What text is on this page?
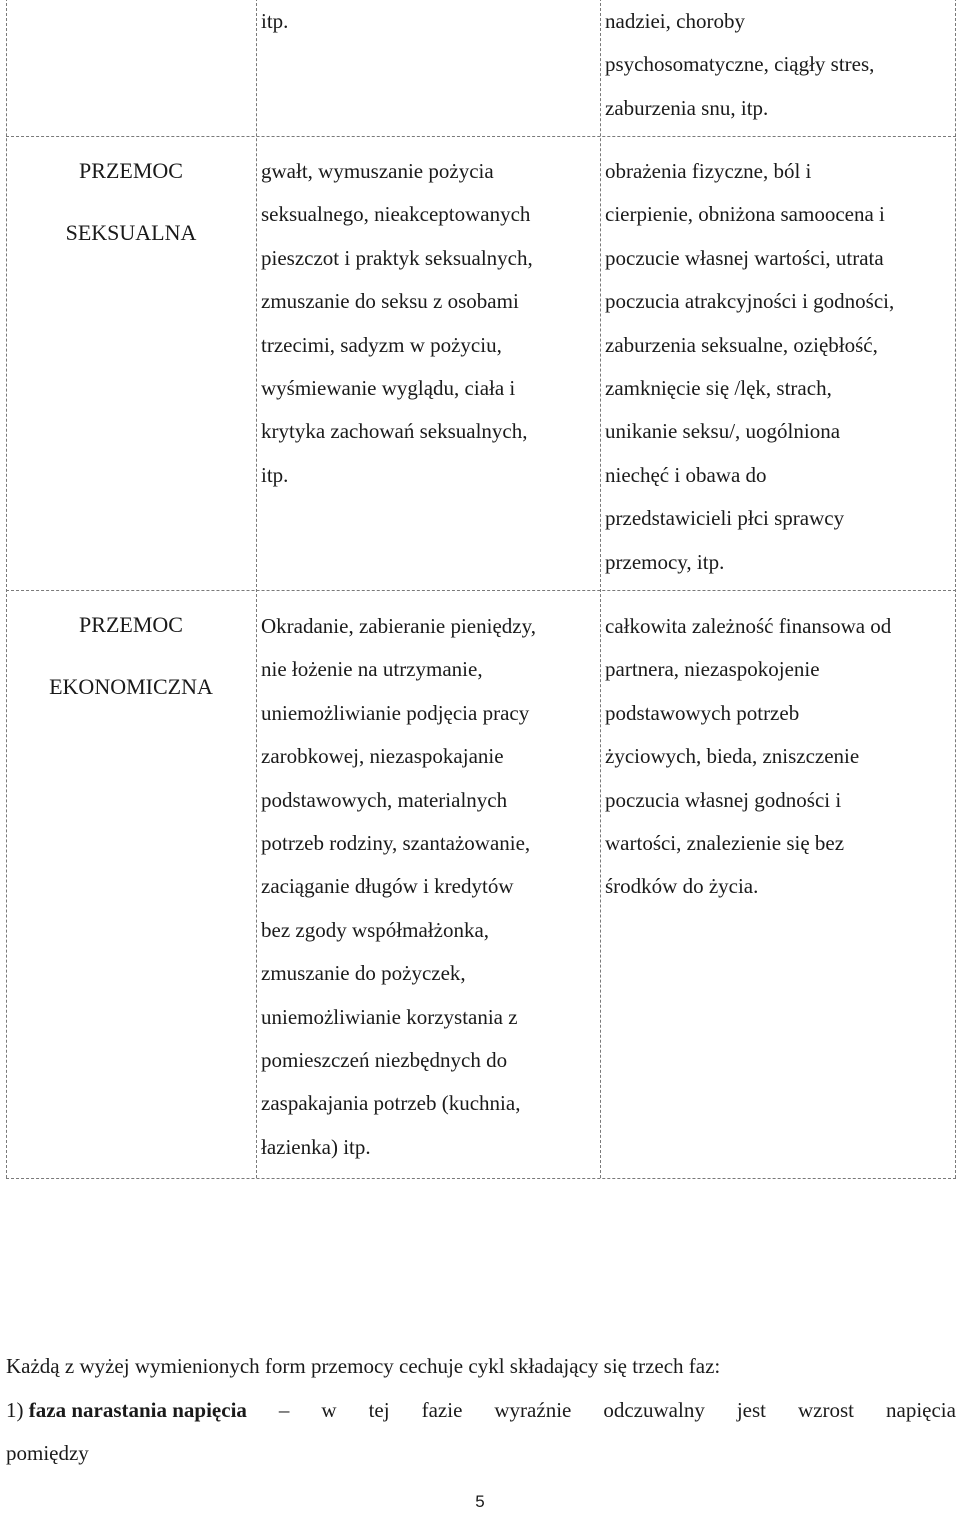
itp.	nadziei, choroby
psychosomatyczne, ciągły stres,
zaburzenia snu, itp.
PRZEMOC
SEKSUALNA
gwałt, wymuszanie pożycia
seksualnego, nieakceptowanych
pieszczot i praktyk seksualnych,
zmuszanie do seksu z osobami
trzecimi, sadyzm w pożyciu,
wyśmiewanie wyglądu, ciała i
krytyka zachowań seksualnych,
itp.
obrażenia fizyczne, ból i
cierpienie, obniżona samoocena i
poczucie własnej wartości, utrata
poczucia atrakcyjności i godności,
zaburzenia seksualne, oziębłość,
zamknięcie się /lęk, strach,
unikanie seksu/, uogólniona
niechęć i obawa do
przedstawicieli płci sprawcy
przemocy, itp.
PRZEMOC
EKONOMICZNA
Okradanie, zabieranie pieniędzy,
nie łożenie na utrzymanie,
uniemożliwianie podjęcia pracy
zarobkowej, niezaspokajanie
podstawowych, materialnych
potrzeb rodziny, szantażowanie,
zaciąganie długów i kredytów
bez zgody współmałżonka,
zmuszanie do pożyczek,
uniemożliwianie korzystania z
pomieszczeń niezbędnych do
zaspakajania potrzeb (kuchnia,
łazienka) itp.
całkowita zależność finansowa od
partnera, niezaspokojenie
podstawowych potrzeb
życiowych, bieda, zniszczenie
poczucia własnej godności i
wartości, znalezienie się bez
środków do życia.
Każdą z wyżej wymienionych form przemocy cechuje cykl składający się trzech faz:
1) faza narastania napięcia – w tej fazie wyraźnie odczuwalny jest wzrost napięcia
pomiędzy
5
